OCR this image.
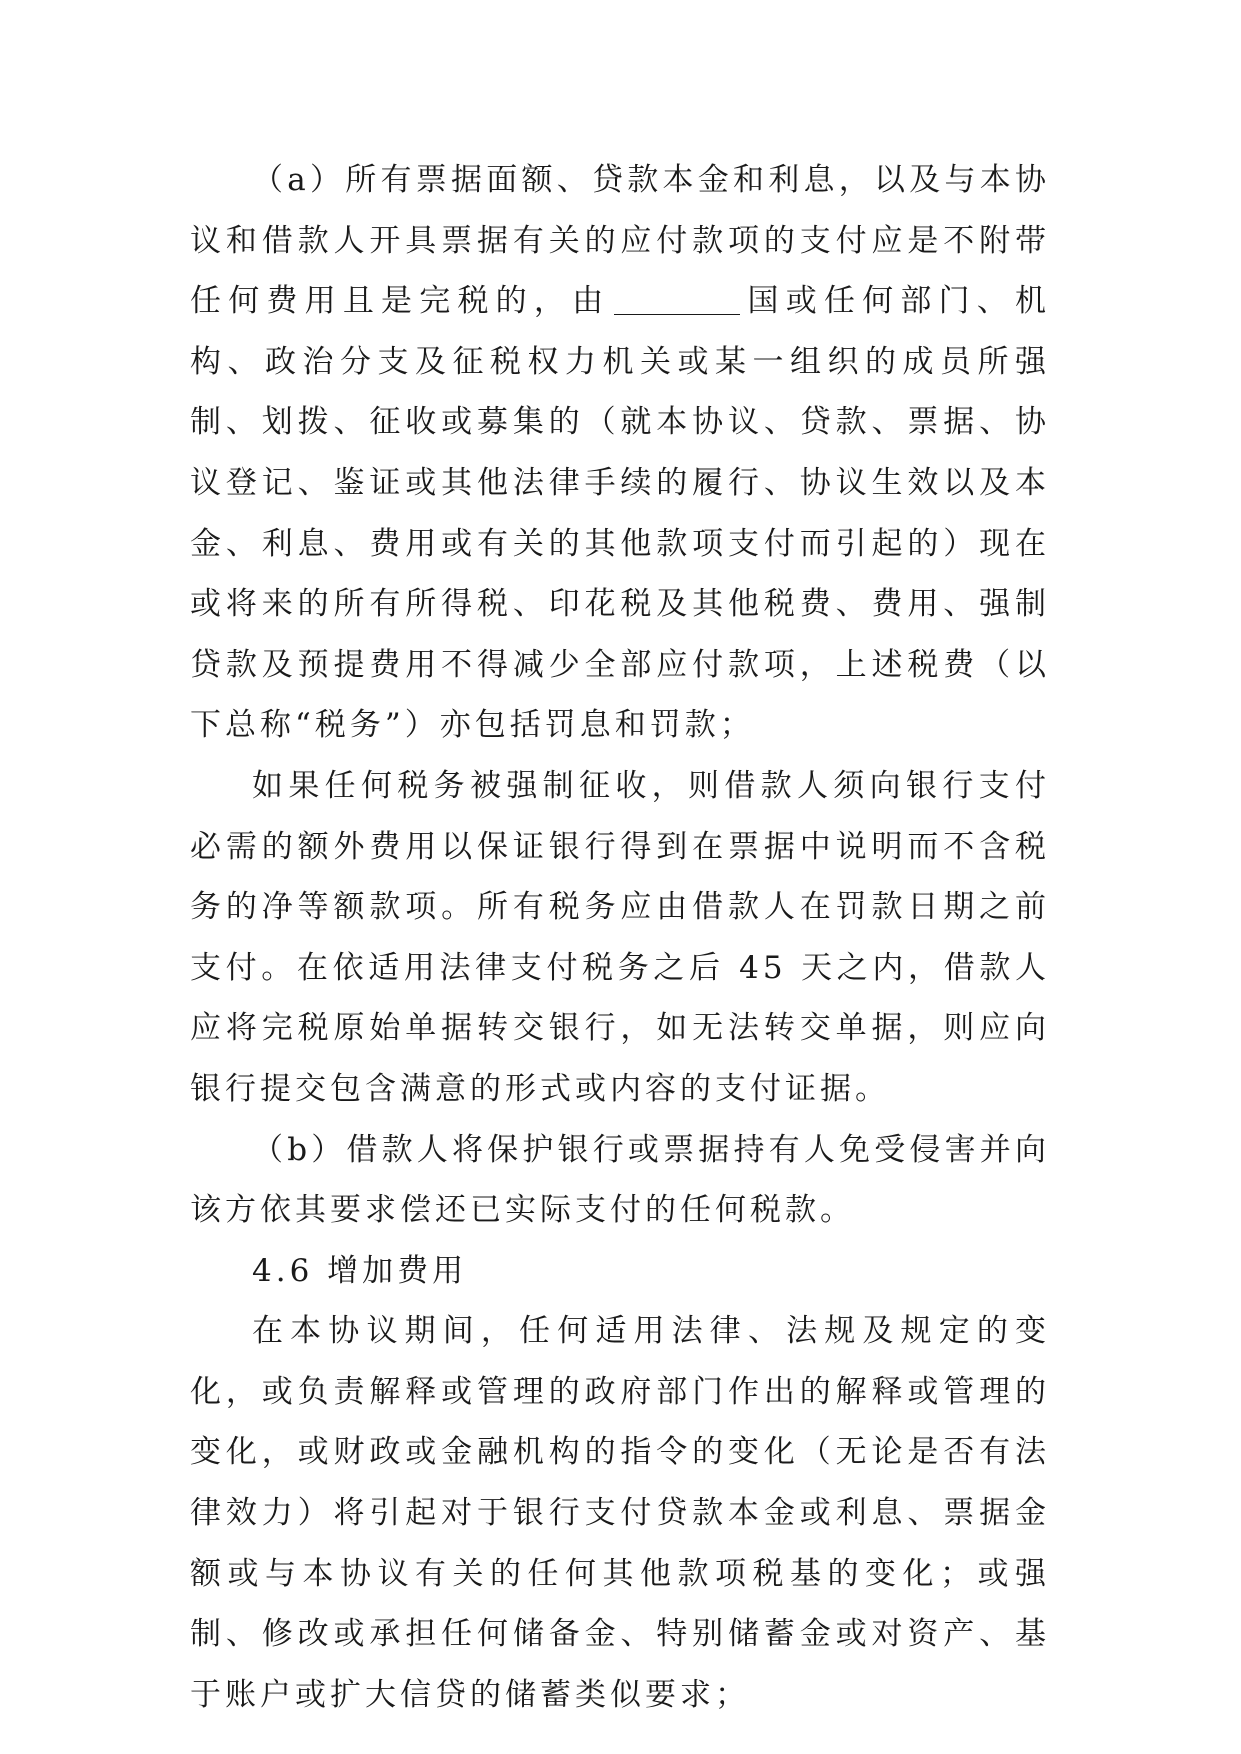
（a）所有票据面额、贷款本金和利息，以及与本协议和借款人开具票据有关的应付款项的支付应是不附带任何费用且是完税的，由	国或任何部门、机构、政治分支及征税权力机关或某一组织的成员所强制、划拨、征收或募集的（就本协议、贷款、票据、协议登记、鉴证或其他法律手续的履行、协议生效以及本金、利息、费用或有关的其他款项支付而引起的）现在或将来的所有所得税、印花税及其他税费、费用、强制贷款及预提费用不得减少全部应付款项，上述税费（以下总称“税务”）亦包括罚息和罚款；

如果任何税务被强制征收，则借款人须向银行支付必需的额外费用以保证银行得到在票据中说明而不含税务的净等额款项。所有税务应由借款人在罚款日期之前支付。在依适用法律支付税务之后 45 天之内，借款人应将完税原始单据转交银行，如无法转交单据，则应向银行提交包含满意的形式或内容的支付证据。

（b）借款人将保护银行或票据持有人免受侵害并向该方依其要求偿还已实际支付的任何税款。

4.6 增加费用

在本协议期间，任何适用法律、法规及规定的变化，或负责解释或管理的政府部门作出的解释或管理的变化，或财政或金融机构的指令的变化（无论是否有法律效力）将引起对于银行支付贷款本金或利息、票据金额或与本协议有关的任何其他款项税基的变化；或强制、修改或承担任何储备金、特别储蓄金或对资产、基于账户或扩大信贷的储蓄类似要求；
